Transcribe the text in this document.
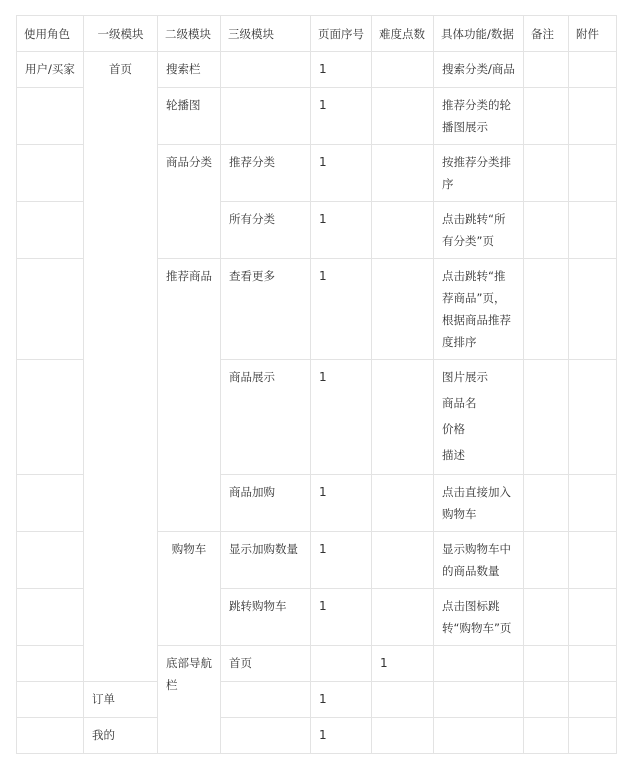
使用角色	一级模块	二级模块	三级模块	页面序号	难度点数	具体功能/数据	备注	附件	
用户/买家	首页	搜索栏		1		搜索分类/商品			
		轮播图		1		推荐分类的轮播图展示			
		商品分类	推荐分类	1		按推荐分类排序			
			所有分类	1		点击跳转“所有分类”页			
		推荐商品	查看更多	1		点击跳转“推荐商品”页，根据商品推荐度排序			
			商品展示	1		图片展示
商品名
价格
描述			

			商品加购	1		点击直接加入购物车			
		购物车	显示加购数量	1		显示购物车中的商品数量			
			跳转购物车	1		点击图标跳转“购物车”页			
		底部导航栏	首页		1				
	订单			1					
	我的			1					
